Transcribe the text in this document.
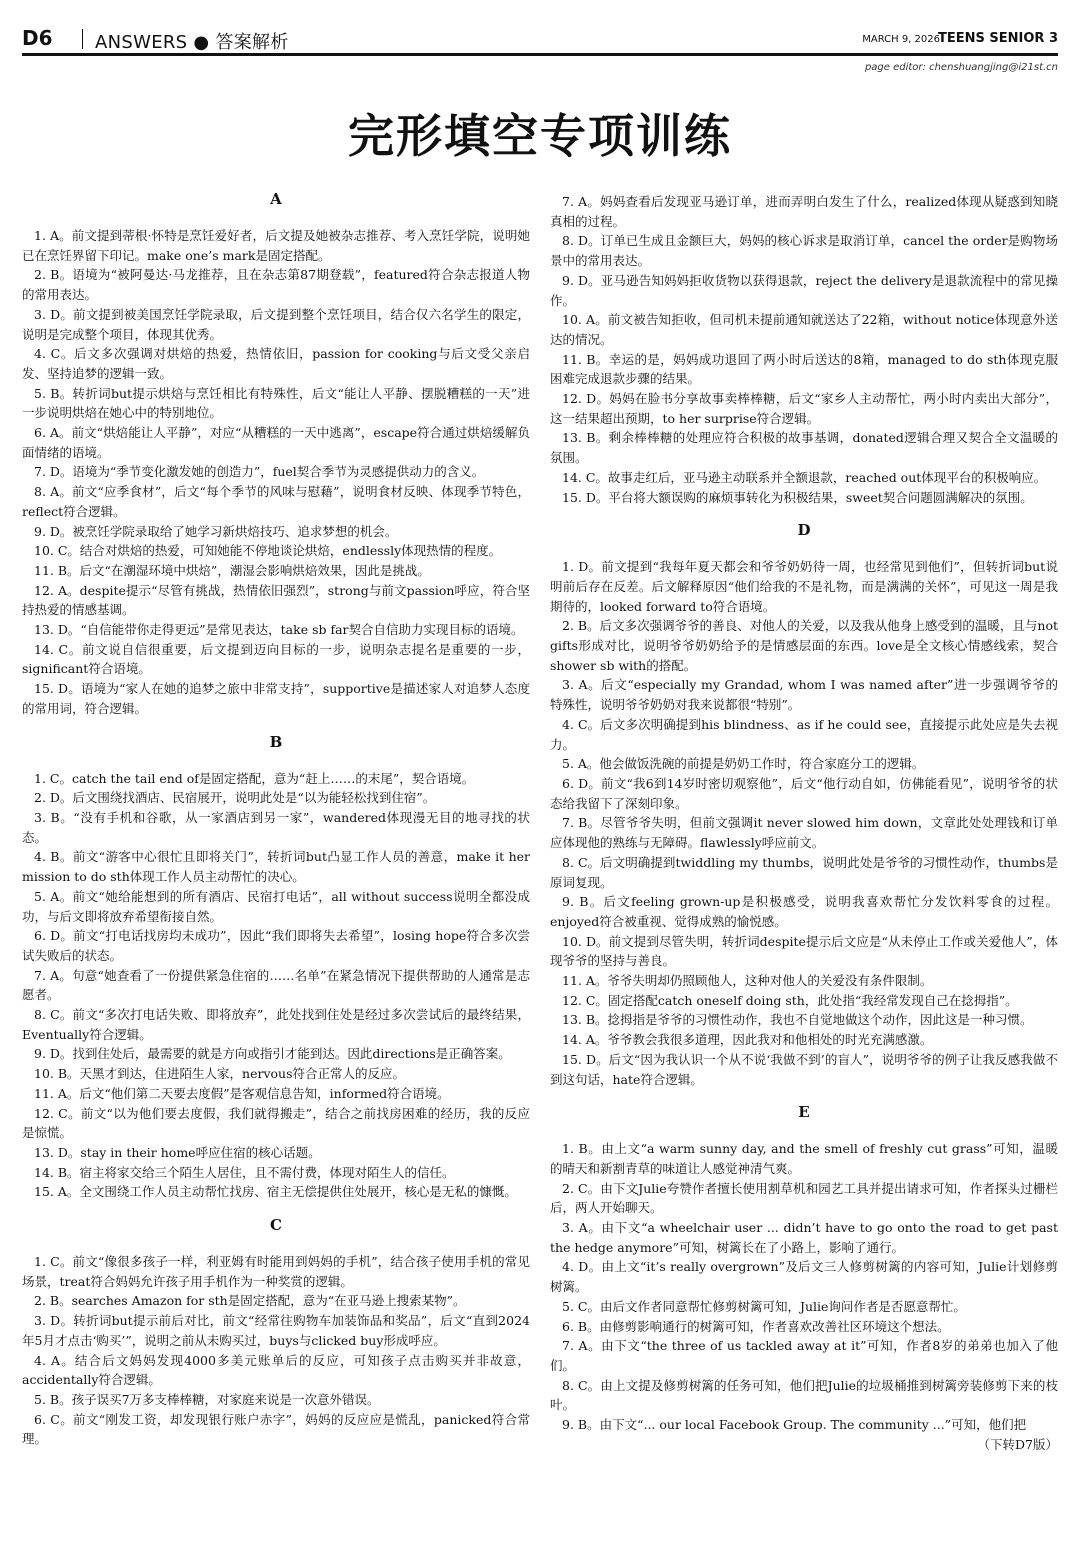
D6 ANSWERS ● 答案解析	MARCH 9, 2026
TEENS SENIOR 3
page editor: chenshuangjing@i21st.cn
完形填空专项训练
A

1. A。前文提到蒂根·怀特是烹饪爱好者，后文提及她被杂志推荐、考入烹饪学院，说明她已在烹饪界留下印记。make one’s mark是固定搭配。

2. B。语境为“被阿曼达·马龙推荐，且在杂志第87期登载”，featured符合杂志报道人物的常用表达。

3. D。前文提到被美国烹饪学院录取，后文提到整个烹饪项目，结合仅六名学生的限定，说明是完成整个项目，体现其优秀。

4. C。后文多次强调对烘焙的热爱，热情依旧，passion for cooking与后文受父亲启发、坚持追梦的逻辑一致。

5. B。转折词but提示烘焙与烹饪相比有特殊性，后文“能让人平静、摆脱糟糕的一天”进一步说明烘焙在她心中的特别地位。

6. A。前文“烘焙能让人平静”，对应“从糟糕的一天中逃离”，escape符合通过烘焙缓解负面情绪的语境。

7. D。语境为“季节变化激发她的创造力”，fuel契合季节为灵感提供动力的含义。

8. A。前文“应季食材”，后文“每个季节的风味与慰藉”，说明食材反映、体现季节特色，reflect符合逻辑。

9. D。被烹饪学院录取给了她学习新烘焙技巧、追求梦想的机会。

10. C。结合对烘焙的热爱，可知她能不停地谈论烘焙，endlessly体现热情的程度。

11. B。后文“在潮湿环境中烘焙”，潮湿会影响烘焙效果，因此是挑战。

12. A。despite提示“尽管有挑战，热情依旧强烈”，strong与前文passion呼应，符合坚持热爱的情感基调。

13. D。“自信能带你走得更远”是常见表达，take sb far契合自信助力实现目标的语境。

14. C。前文说自信很重要，后文提到迈向目标的一步，说明杂志提名是重要的一步，significant符合语境。

15. D。语境为“家人在她的追梦之旅中非常支持”，supportive是描述家人对追梦人态度的常用词，符合逻辑。

B

1. C。catch the tail end of是固定搭配，意为“赶上……的末尾”，契合语境。

2. D。后文围绕找酒店、民宿展开，说明此处是“以为能轻松找到住宿”。

3. B。“没有手机和谷歌，从一家酒店到另一家”，wandered体现漫无目的地寻找的状态。

4. B。前文“游客中心很忙且即将关门”，转折词but凸显工作人员的善意，make it her mission to do sth体现工作人员主动帮忙的决心。

5. A。前文“她给能想到的所有酒店、民宿打电话”，all without success说明全都没成功，与后文即将放弃希望衔接自然。

6. D。前文“打电话找房均未成功”，因此“我们即将失去希望”，losing hope符合多次尝试失败后的状态。

7. A。句意“她查看了一份提供紧急住宿的……名单”在紧急情况下提供帮助的人通常是志愿者。

8. C。前文“多次打电话失败、即将放弃”，此处找到住处是经过多次尝试后的最终结果，Eventually符合逻辑。

9. D。找到住处后，最需要的就是方向或指引才能到达。因此directions是正确答案。

10. B。天黑才到达，住进陌生人家，nervous符合正常人的反应。

11. A。后文“他们第二天要去度假”是客观信息告知，informed符合语境。

12. C。前文“以为他们要去度假，我们就得搬走”，结合之前找房困难的经历，我的反应是惊慌。

13. D。stay in their home呼应住宿的核心话题。

14. B。宿主将家交给三个陌生人居住，且不需付费，体现对陌生人的信任。

15. A。全文围绕工作人员主动帮忙找房、宿主无偿提供住处展开，核心是无私的慷慨。

C

1. C。前文“像很多孩子一样，利亚姆有时能用到妈妈的手机”，结合孩子使用手机的常见场景，treat符合妈妈允许孩子用手机作为一种奖赏的逻辑。

2. B。searches Amazon for sth是固定搭配，意为“在亚马逊上搜索某物”。

3. D。转折词but提示前后对比，前文“经常往购物车加装饰品和奖品”，后文“直到2024年5月才点击‘购买’”，说明之前从未购买过，buys与clicked buy形成呼应。

4. A。结合后文妈妈发现4000多美元账单后的反应，可知孩子点击购买并非故意，accidentally符合逻辑。

5. B。孩子误买7万多支棒棒糖，对家庭来说是一次意外错误。

6. C。前文“刚发工资，却发现银行账户赤字”，妈妈的反应应是慌乱，panicked符合常理。

7. A。妈妈查看后发现亚马逊订单，进而弄明白发生了什么，realized体现从疑惑到知晓真相的过程。

8. D。订单已生成且金额巨大，妈妈的核心诉求是取消订单，cancel the order是购物场景中的常用表达。

9. D。亚马逊告知妈妈拒收货物以获得退款，reject the delivery是退款流程中的常见操作。

10. A。前文被告知拒收，但司机未提前通知就送达了22箱，without notice体现意外送达的情况。

11. B。幸运的是，妈妈成功退回了两小时后送达的8箱，managed to do sth体现克服困难完成退款步骤的结果。

12. D。妈妈在脸书分享故事卖棒棒糖，后文“家乡人主动帮忙，两小时内卖出大部分”，这一结果超出预期，to her surprise符合逻辑。

13. B。剩余棒棒糖的处理应符合积极的故事基调，donated逻辑合理又契合全文温暖的氛围。

14. C。故事走红后，亚马逊主动联系并全额退款，reached out体现平台的积极响应。

15. D。平台将大额误购的麻烦事转化为积极结果，sweet契合问题圆满解决的氛围。

D

1. D。前文提到“我每年夏天都会和爷爷奶奶待一周，也经常见到他们”，但转折词but说明前后存在反差。后文解释原因“他们给我的不是礼物，而是满满的关怀”，可见这一周是我期待的，looked forward to符合语境。

2. B。后文多次强调爷爷的善良、对他人的关爱，以及我从他身上感受到的温暖，且与not gifts形成对比，说明爷爷奶奶给予的是情感层面的东西。love是全文核心情感线索，契合shower sb with的搭配。

3. A。后文“especially my Grandad, whom I was named after”进一步强调爷爷的特殊性，说明爷爷奶奶对我来说都很“特别”。

4. C。后文多次明确提到his blindness、as if he could see，直接提示此处应是失去视力。

5. A。他会做饭洗碗的前提是奶奶工作时，符合家庭分工的逻辑。

6. D。前文“我6到14岁时密切观察他”，后文“他行动自如，仿佛能看见”，说明爷爷的状态给我留下了深刻印象。

7. B。尽管爷爷失明，但前文强调it never slowed him down，文章此处处理钱和订单应体现他的熟练与无障碍。flawlessly呼应前文。

8. C。后文明确提到twiddling my thumbs，说明此处是爷爷的习惯性动作，thumbs是原词复现。

9. B。后文feeling grown-up是积极感受，说明我喜欢帮忙分发饮料零食的过程。enjoyed符合被重视、觉得成熟的愉悦感。

10. D。前文提到尽管失明，转折词despite提示后文应是“从未停止工作或关爱他人”，体现爷爷的坚持与善良。

11. A。爷爷失明却仍照顾他人，这种对他人的关爱没有条件限制。

12. C。固定搭配catch oneself doing sth，此处指“我经常发现自己在捻拇指”。

13. B。捻拇指是爷爷的习惯性动作，我也不自觉地做这个动作，因此这是一种习惯。

14. A。爷爷教会我很多道理，因此我对和他相处的时光充满感激。

15. D。后文“因为我认识一个从不说‘我做不到’的盲人”，说明爷爷的例子让我反感我做不到这句话，hate符合逻辑。

E

1. B。由上文“a warm sunny day, and the smell of freshly cut grass”可知，温暖的晴天和新割青草的味道让人感觉神清气爽。

2. C。由下文Julie夸赞作者擅长使用割草机和园艺工具并提出请求可知，作者探头过栅栏后，两人开始聊天。

3. A。由下文“a wheelchair user ... didn’t have to go onto the road to get past the hedge anymore”可知，树篱长在了小路上，影响了通行。

4. D。由上文“it’s really overgrown”及后文三人修剪树篱的内容可知，Julie计划修剪树篱。

5. C。由后文作者同意帮忙修剪树篱可知，Julie询问作者是否愿意帮忙。

6. B。由修剪影响通行的树篱可知，作者喜欢改善社区环境这个想法。

7. A。由下文“the three of us tackled away at it”可知，作者8岁的弟弟也加入了他们。

8. C。由上文提及修剪树篱的任务可知，他们把Julie的垃圾桶推到树篱旁装修剪下来的枝叶。

9. B。由下文“... our local Facebook Group. The community ...”可知，他们把

（下转D7版）
